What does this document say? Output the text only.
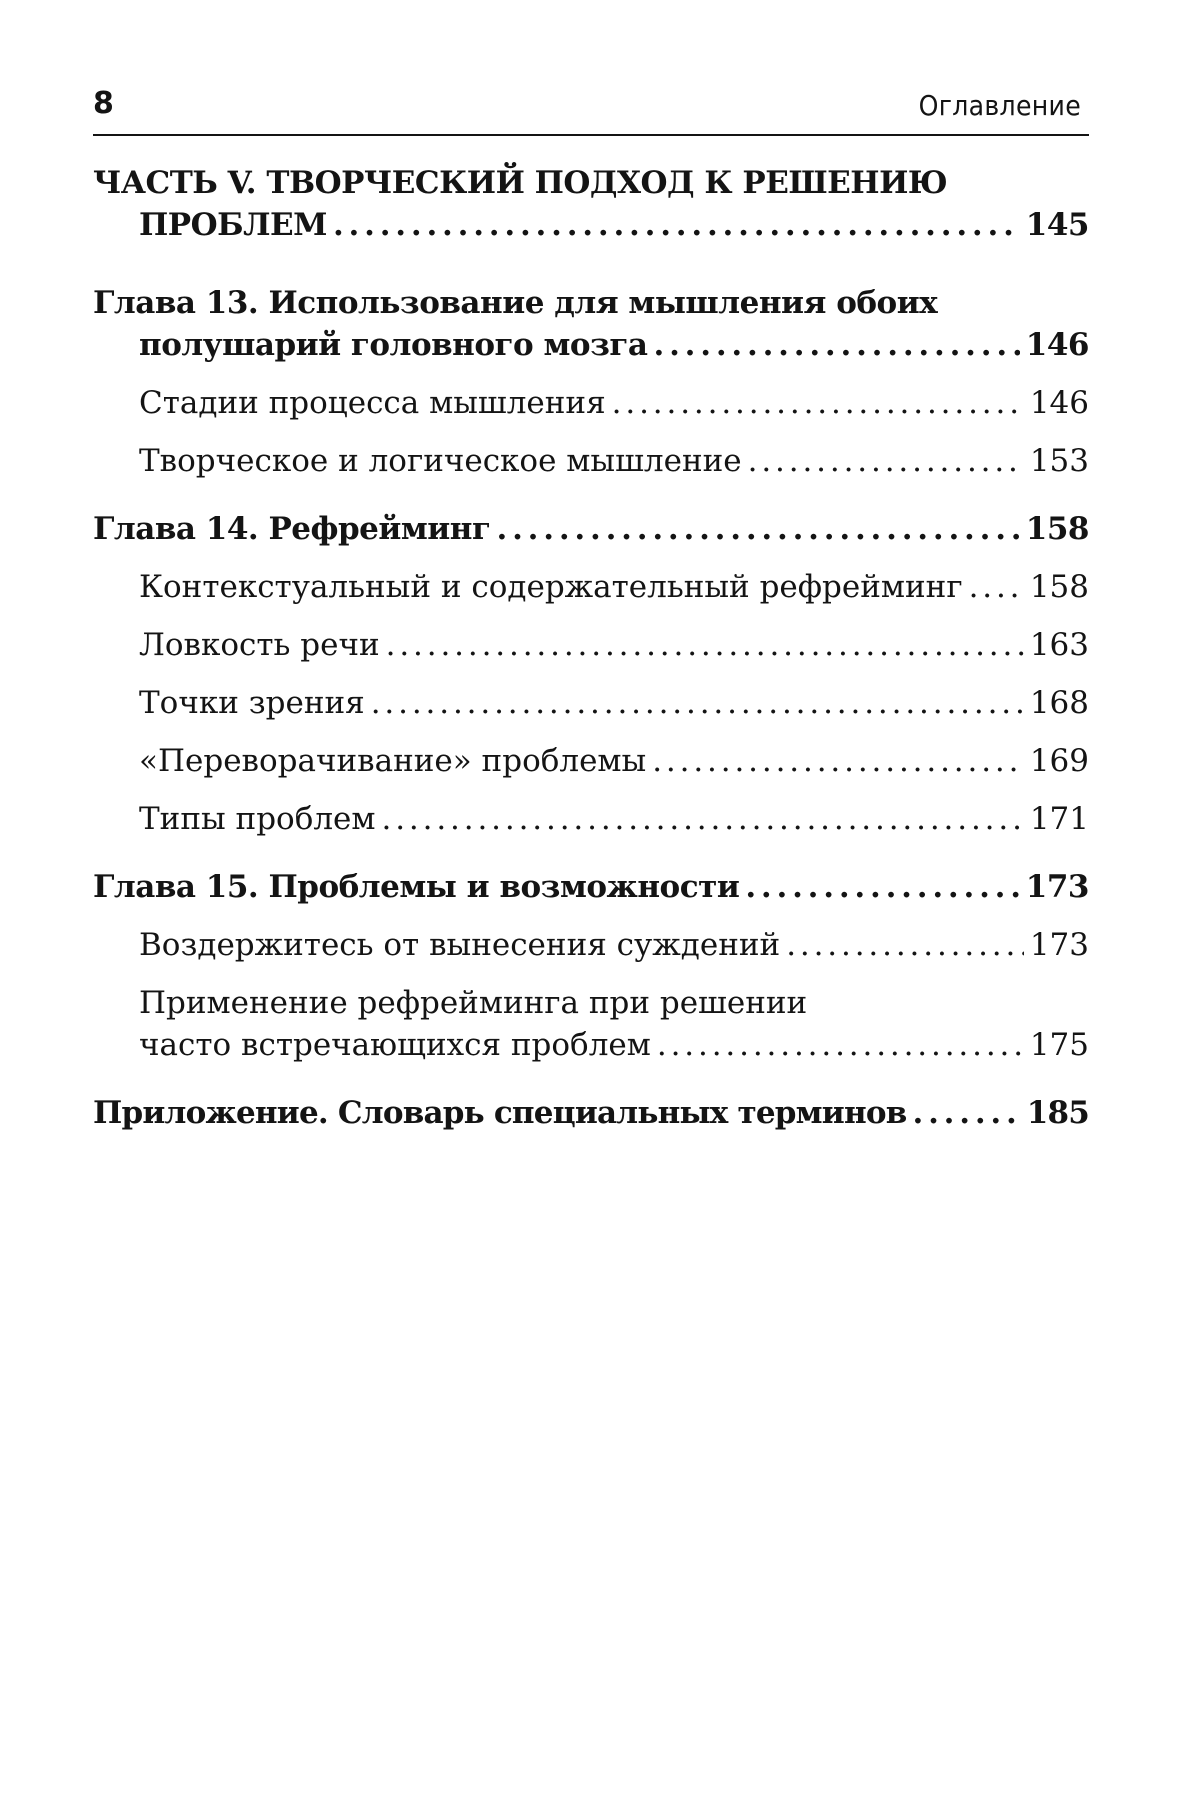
8	Оглавление
ЧАСТЬ V. ТВОРЧЕСКИЙ ПОДХОД К РЕШЕНИЮ
ПРОБЛЕМ . . .	145
Глава 13. Использование для мышления обоих
полушарий головного мозга . . .	146
Стадии процесса мышления . . .	146
Творческое и логическое мышление . . .	153
Глава 14. Рефрейминг . . .	158
Контекстуальный и содержательный рефрейминг . . . 158
Ловкость речи . . .	163
Точки зрения . . .	168
«Переворачивание» проблемы . . .	169
Типы проблем . . .	171
Глава 15. Проблемы и возможности . . .	173
Воздержитесь от вынесения суждений . . .	173
Применение рефрейминга при решении
часто встречающихся проблем . . .	175
Приложение. Словарь специальных терминов . . .	185
